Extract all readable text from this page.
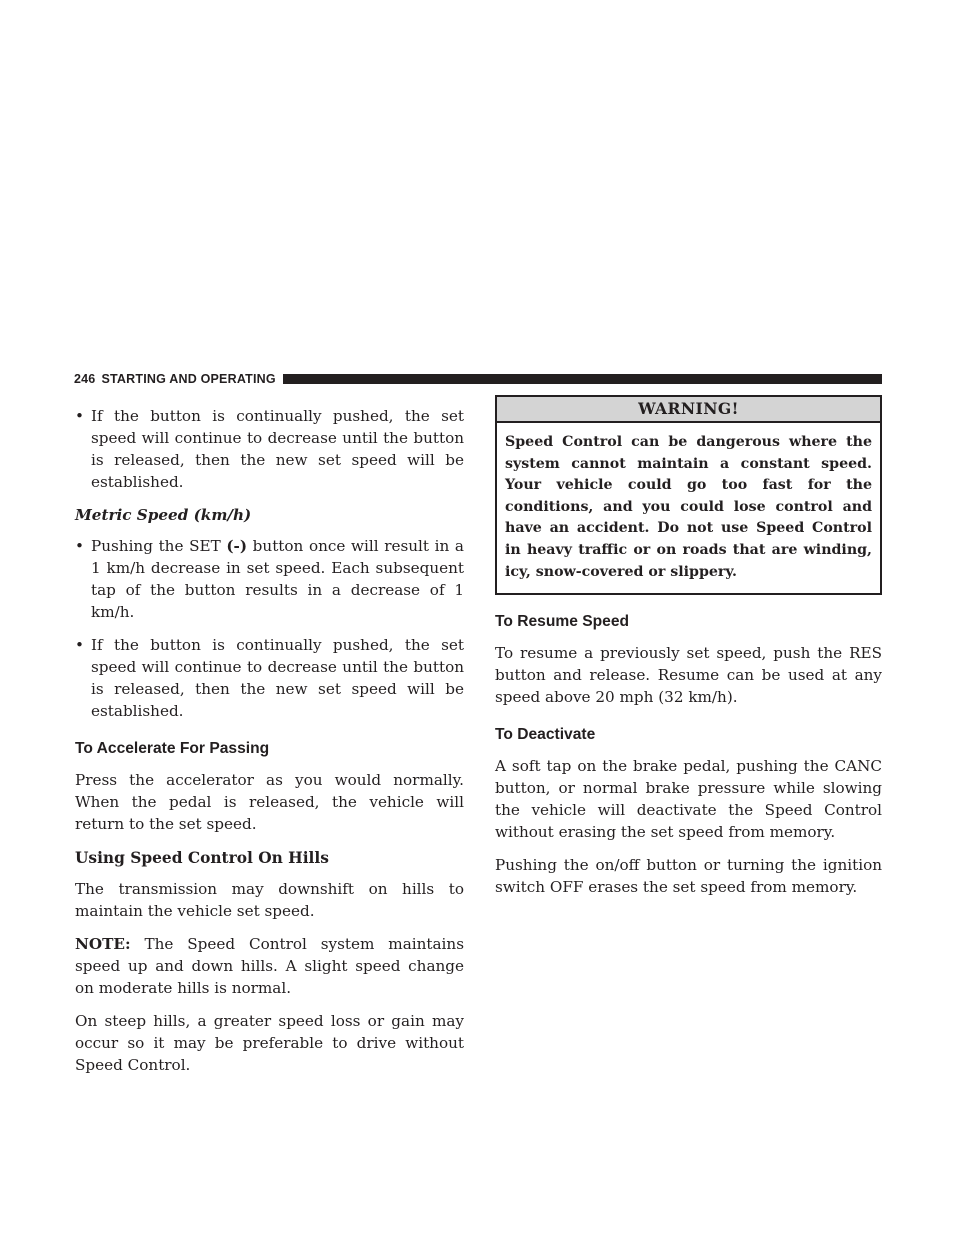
246 STARTING AND OPERATING
• If the button is continually pushed, the set speed will continue to decrease until the button is released, then the new set speed will be established.
Metric Speed (km/h)
• Pushing the SET (-) button once will result in a 1 km/h decrease in set speed. Each subsequent tap of the button results in a decrease of 1 km/h.
• If the button is continually pushed, the set speed will continue to decrease until the button is released, then the new set speed will be established.
To Accelerate For Passing

Press the accelerator as you would normally. When the pedal is released, the vehicle will return to the set speed.

Using Speed Control On Hills

The transmission may downshift on hills to maintain the vehicle set speed.

NOTE: The Speed Control system maintains speed up and down hills. A slight speed change on moderate hills is normal.

On steep hills, a greater speed loss or gain may occur so it may be preferable to drive without Speed Control.

WARNING!
Speed Control can be dangerous where the system cannot maintain a constant speed. Your vehicle could go too fast for the conditions, and you could lose control and have an accident. Do not use Speed Control in heavy traffic or on roads that are winding, icy, snow-covered or slippery.
To Resume Speed

To resume a previously set speed, push the RES button and release. Resume can be used at any speed above 20 mph (32 km/h).

To Deactivate

A soft tap on the brake pedal, pushing the CANC button, or normal brake pressure while slowing the vehicle will deactivate the Speed Control without erasing the set speed from memory.

Pushing the on/off button or turning the ignition switch OFF erases the set speed from memory.
